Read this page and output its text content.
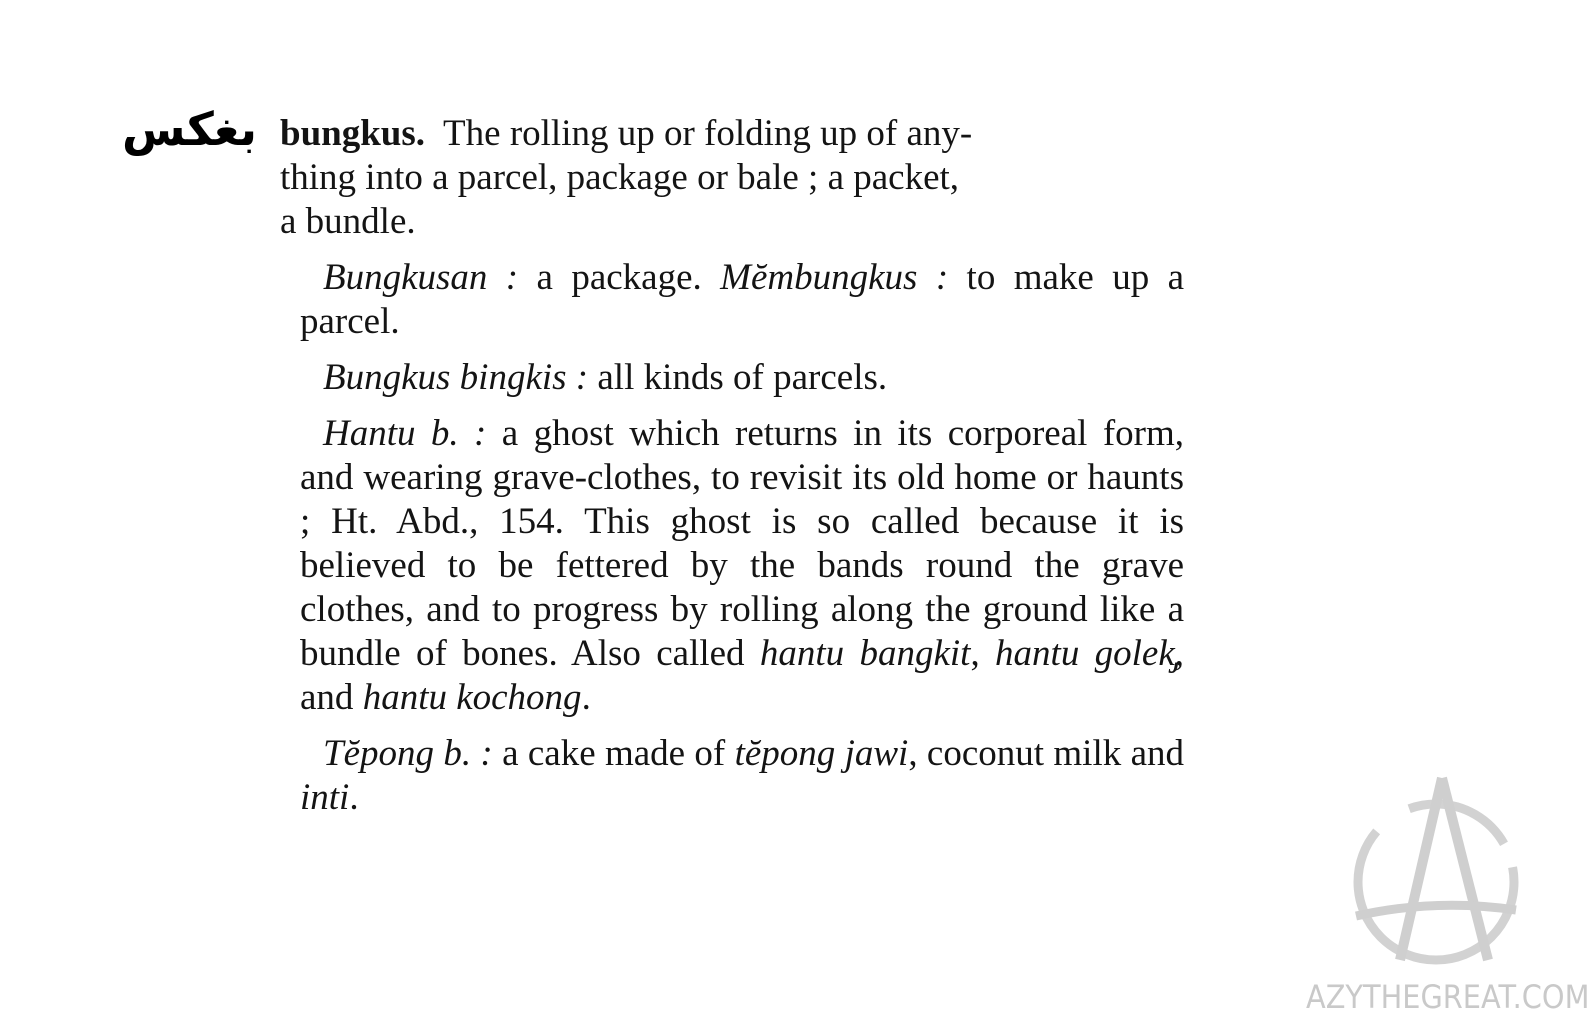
بغكس bungkus. The rolling up or folding up of any-
thing into a parcel, package or bale ; a packet,
a bundle.

Bungkusan : a package. Mĕmbungkus : to make up a parcel.

Bungkus bingkis : all kinds of parcels.

Hantu b. : a ghost which returns in its corporeal form, and wearing grave-clothes, to revisit its old home or haunts ; Ht. Abd., 154. This ghost is so called because it is believed to be fettered by the bands round the grave clothes, and to progress by rolling along the ground like a bundle of bones. Also called hantu bangkit, hantu golek̡, and hantu kochong.

Tĕpong b. : a cake made of tĕpong jawi, coconut milk and inti.

AZYTHEGREAT.COM
